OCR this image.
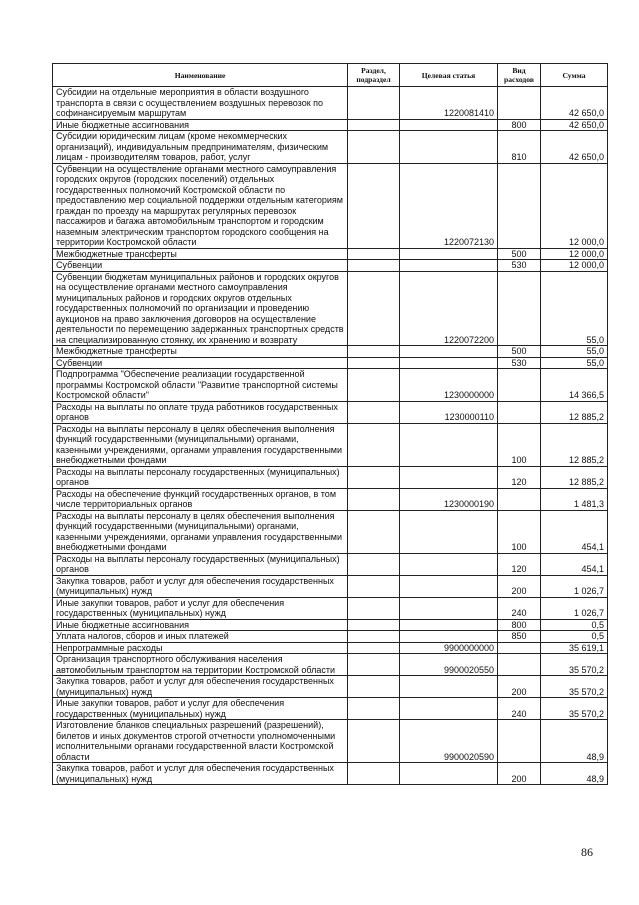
Наименование	Раздел, подраздел	Целевая статья	Вид расходов	Сумма
Субсидии на отдельные мероприятия в области воздушного транспорта в связи с осуществлением воздушных перевозок по софинансируемым маршрутам		1220081410		42 650,0
Иные бюджетные ассигнования			800	42 650,0
Субсидии юридическим лицам (кроме некоммерческих организаций), индивидуальным предпринимателям, физическим лицам - производителям товаров, работ, услуг			810	42 650,0
Субвенции на осуществление органами местного самоуправления городских округов (городских поселений) отдельных государственных полномочий Костромской области по предоставлению мер социальной поддержки отдельным категориям граждан по проезду на маршрутах регулярных перевозок пассажиров и багажа автомобильным транспортом и городским наземным электрическим транспортом городского сообщения на территории Костромской области		1220072130		12 000,0
Межбюджетные трансферты			500	12 000,0
Субвенции			530	12 000,0
Субвенции бюджетам муниципальных районов и городских округов на осуществление органами местного самоуправления муниципальных районов и городских округов отдельных государственных полномочий по организации и проведению аукционов на право заключения договоров на осуществление деятельности по перемещению задержанных транспортных средств на специализированную стоянку, их хранению и возврату		1220072200		55,0
Межбюджетные трансферты			500	55,0
Субвенции			530	55,0
Подпрограмма "Обеспечение реализации государственной программы Костромской области "Развитие транспортной системы Костромской области"		1230000000		14 366,5
Расходы на выплаты по оплате труда работников государственных органов		1230000110		12 885,2
Расходы на выплаты персоналу в целях обеспечения выполнения функций государственными (муниципальными) органами, казенными учреждениями, органами управления государственными внебюджетными фондами			100	12 885,2
Расходы на выплаты персоналу государственных (муниципальных) органов			120	12 885,2
Расходы на обеспечение функций государственных органов, в том числе территориальных органов		1230000190		1 481,3
Расходы на выплаты персоналу в целях обеспечения выполнения функций государственными (муниципальными) органами, казенными учреждениями, органами управления государственными внебюджетными фондами			100	454,1
Расходы на выплаты персоналу государственных (муниципальных) органов			120	454,1
Закупка товаров, работ и услуг для обеспечения государственных (муниципальных) нужд			200	1 026,7
Иные закупки товаров, работ и услуг для обеспечения государственных (муниципальных) нужд			240	1 026,7
Иные бюджетные ассигнования			800	0,5
Уплата налогов, сборов и иных платежей			850	0,5
Непрограммные расходы		9900000000		35 619,1
Организация транспортного обслуживания населения автомобильным транспортом на территории Костромской области		9900020550		35 570,2
Закупка товаров, работ и услуг для обеспечения государственных (муниципальных) нужд			200	35 570,2
Иные закупки товаров, работ и услуг для обеспечения государственных (муниципальных) нужд			240	35 570,2
Изготовление бланков специальных разрешений (разрешений), билетов и иных документов строгой отчетности уполномоченными исполнительными органами государственной власти Костромской области		9900020590		48,9
Закупка товаров, работ и услуг для обеспечения государственных (муниципальных) нужд			200	48,9
86
